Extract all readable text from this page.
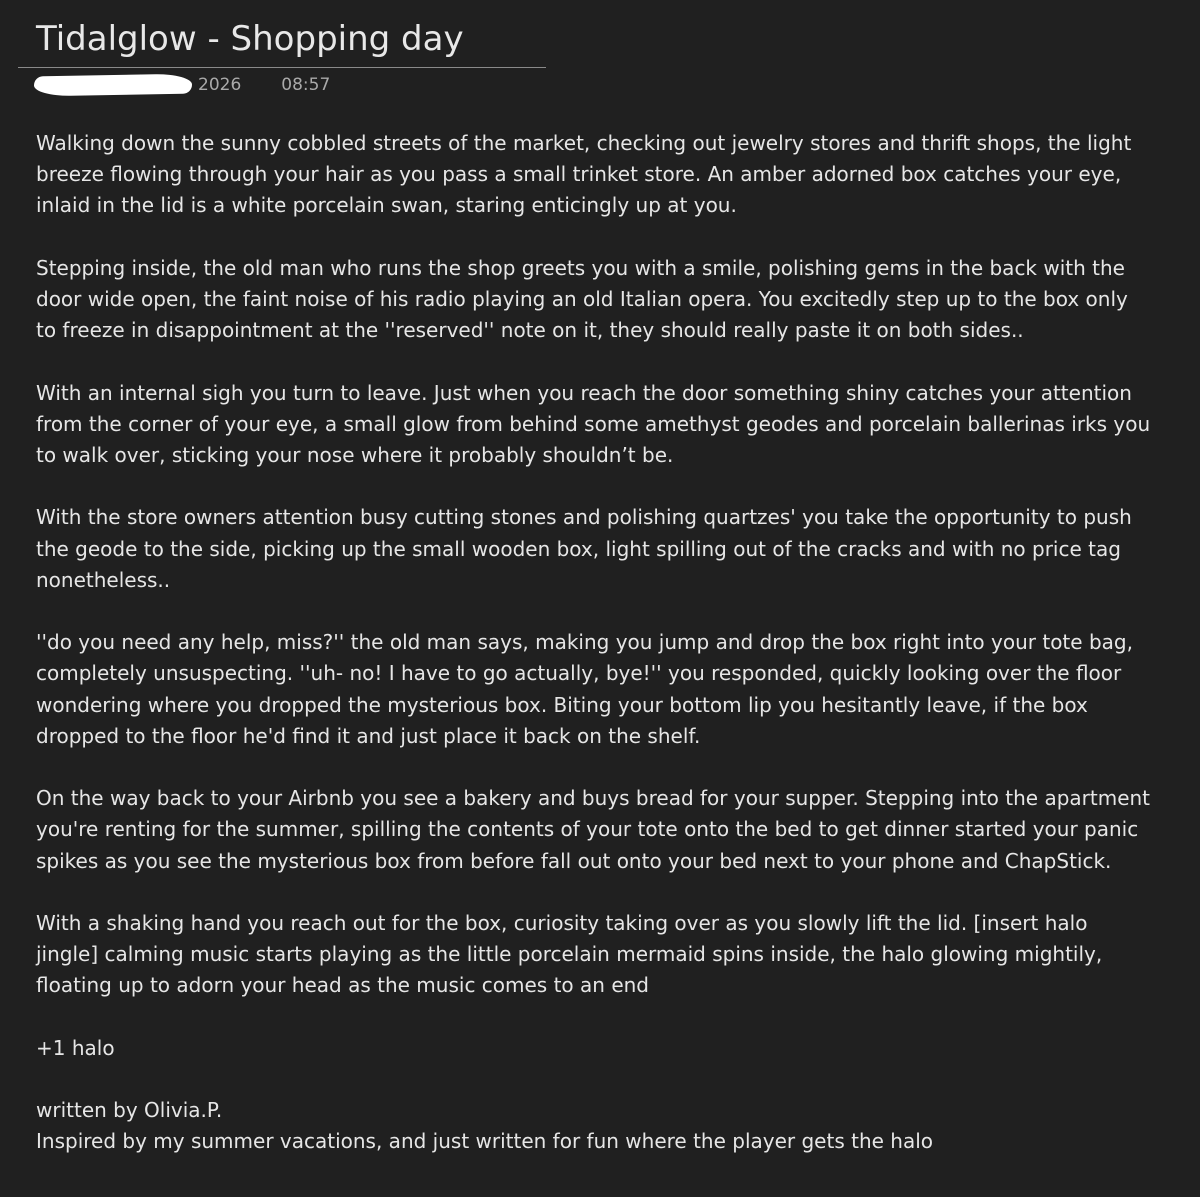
Tidalglow - Shopping day
2026 08:57

Walking down the sunny cobbled streets of the market, checking out jewelry stores and thrift shops, the light
breeze flowing through your hair as you pass a small trinket store. An amber adorned box catches your eye,
inlaid in the lid is a white porcelain swan, staring enticingly up at you.

Stepping inside, the old man who runs the shop greets you with a smile, polishing gems in the back with the
door wide open, the faint noise of his radio playing an old Italian opera. You excitedly step up to the box only
to freeze in disappointment at the ''reserved'' note on it, they should really paste it on both sides..

With an internal sigh you turn to leave. Just when you reach the door something shiny catches your attention
from the corner of your eye, a small glow from behind some amethyst geodes and porcelain ballerinas irks you
to walk over, sticking your nose where it probably shouldn’t be.

With the store owners attention busy cutting stones and polishing quartzes' you take the opportunity to push
the geode to the side, picking up the small wooden box, light spilling out of the cracks and with no price tag
nonetheless..

''do you need any help, miss?'' the old man says, making you jump and drop the box right into your tote bag,
completely unsuspecting. ''uh- no! I have to go actually, bye!'' you responded, quickly looking over the floor
wondering where you dropped the mysterious box. Biting your bottom lip you hesitantly leave, if the box
dropped to the floor he'd find it and just place it back on the shelf.

On the way back to your Airbnb you see a bakery and buys bread for your supper. Stepping into the apartment
you're renting for the summer, spilling the contents of your tote onto the bed to get dinner started your panic
spikes as you see the mysterious box from before fall out onto your bed next to your phone and ChapStick.

With a shaking hand you reach out for the box, curiosity taking over as you slowly lift the lid. [insert halo
jingle] calming music starts playing as the little porcelain mermaid spins inside, the halo glowing mightily,
floating up to adorn your head as the music comes to an end

+1 halo

written by Olivia.P.

Inspired by my summer vacations, and just written for fun where the player gets the halo
